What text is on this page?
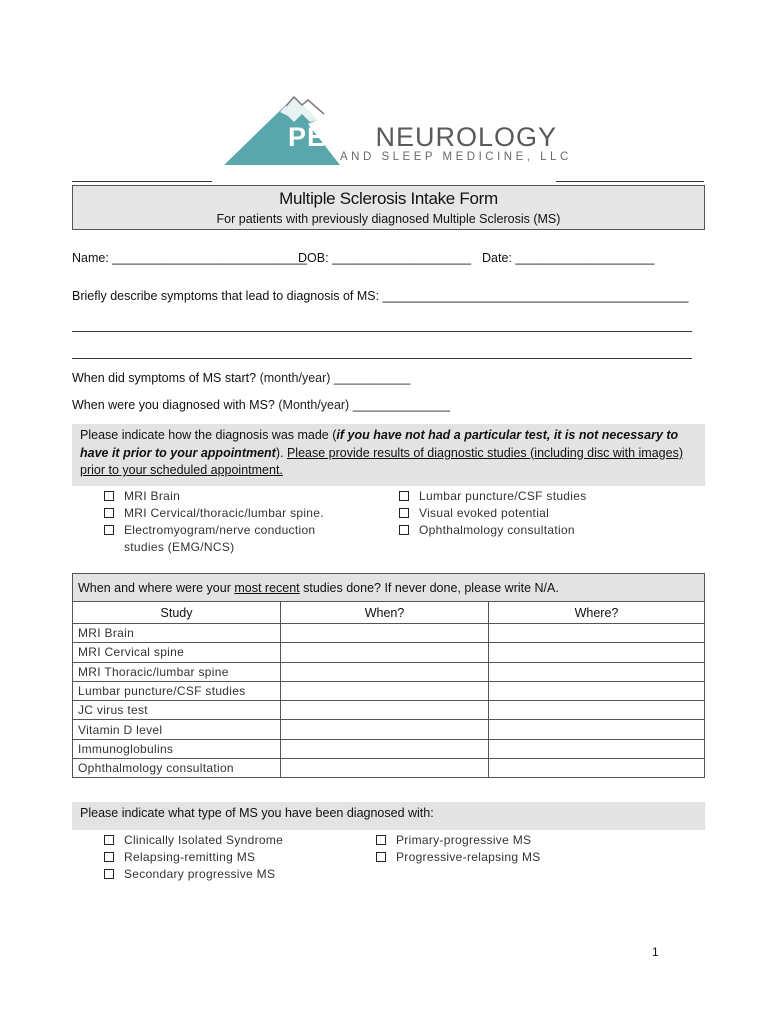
PEAK NEUROLOGY
AND SLEEP MEDICINE, LLC
Multiple Sclerosis Intake Form
For patients with previously diagnosed Multiple Sclerosis (MS)
Name: ____________________________
DOB: ____________________ Date: ____________________
Briefly describe symptoms that lead to diagnosis of MS: ____________________________________________
When did symptoms of MS start? (month/year) ___________
When were you diagnosed with MS? (Month/year) ______________
Please indicate how the diagnosis was made (if you have not had a particular test, it is not necessary to have it prior to your appointment). Please provide results of diagnostic studies (including disc with images) prior to your scheduled appointment.
MRI Brain
MRI Cervical/thoracic/lumbar spine.
Electromyogram/nerve conduction studies (EMG/NCS)
Lumbar puncture/CSF studies
Visual evoked potential
Ophthalmology consultation
When and where were your most recent studies done? If never done, please write N/A.		
Study	When?	Where?
MRI Brain		
MRI Cervical spine		
MRI Thoracic/lumbar spine		
Lumbar puncture/CSF studies		
JC virus test		
Vitamin D level		
Immunoglobulins		
Ophthalmology consultation		
Please indicate what type of MS you have been diagnosed with:
Clinically Isolated Syndrome
Relapsing-remitting MS
Secondary progressive MS
Primary-progressive MS
Progressive-relapsing MS
1
